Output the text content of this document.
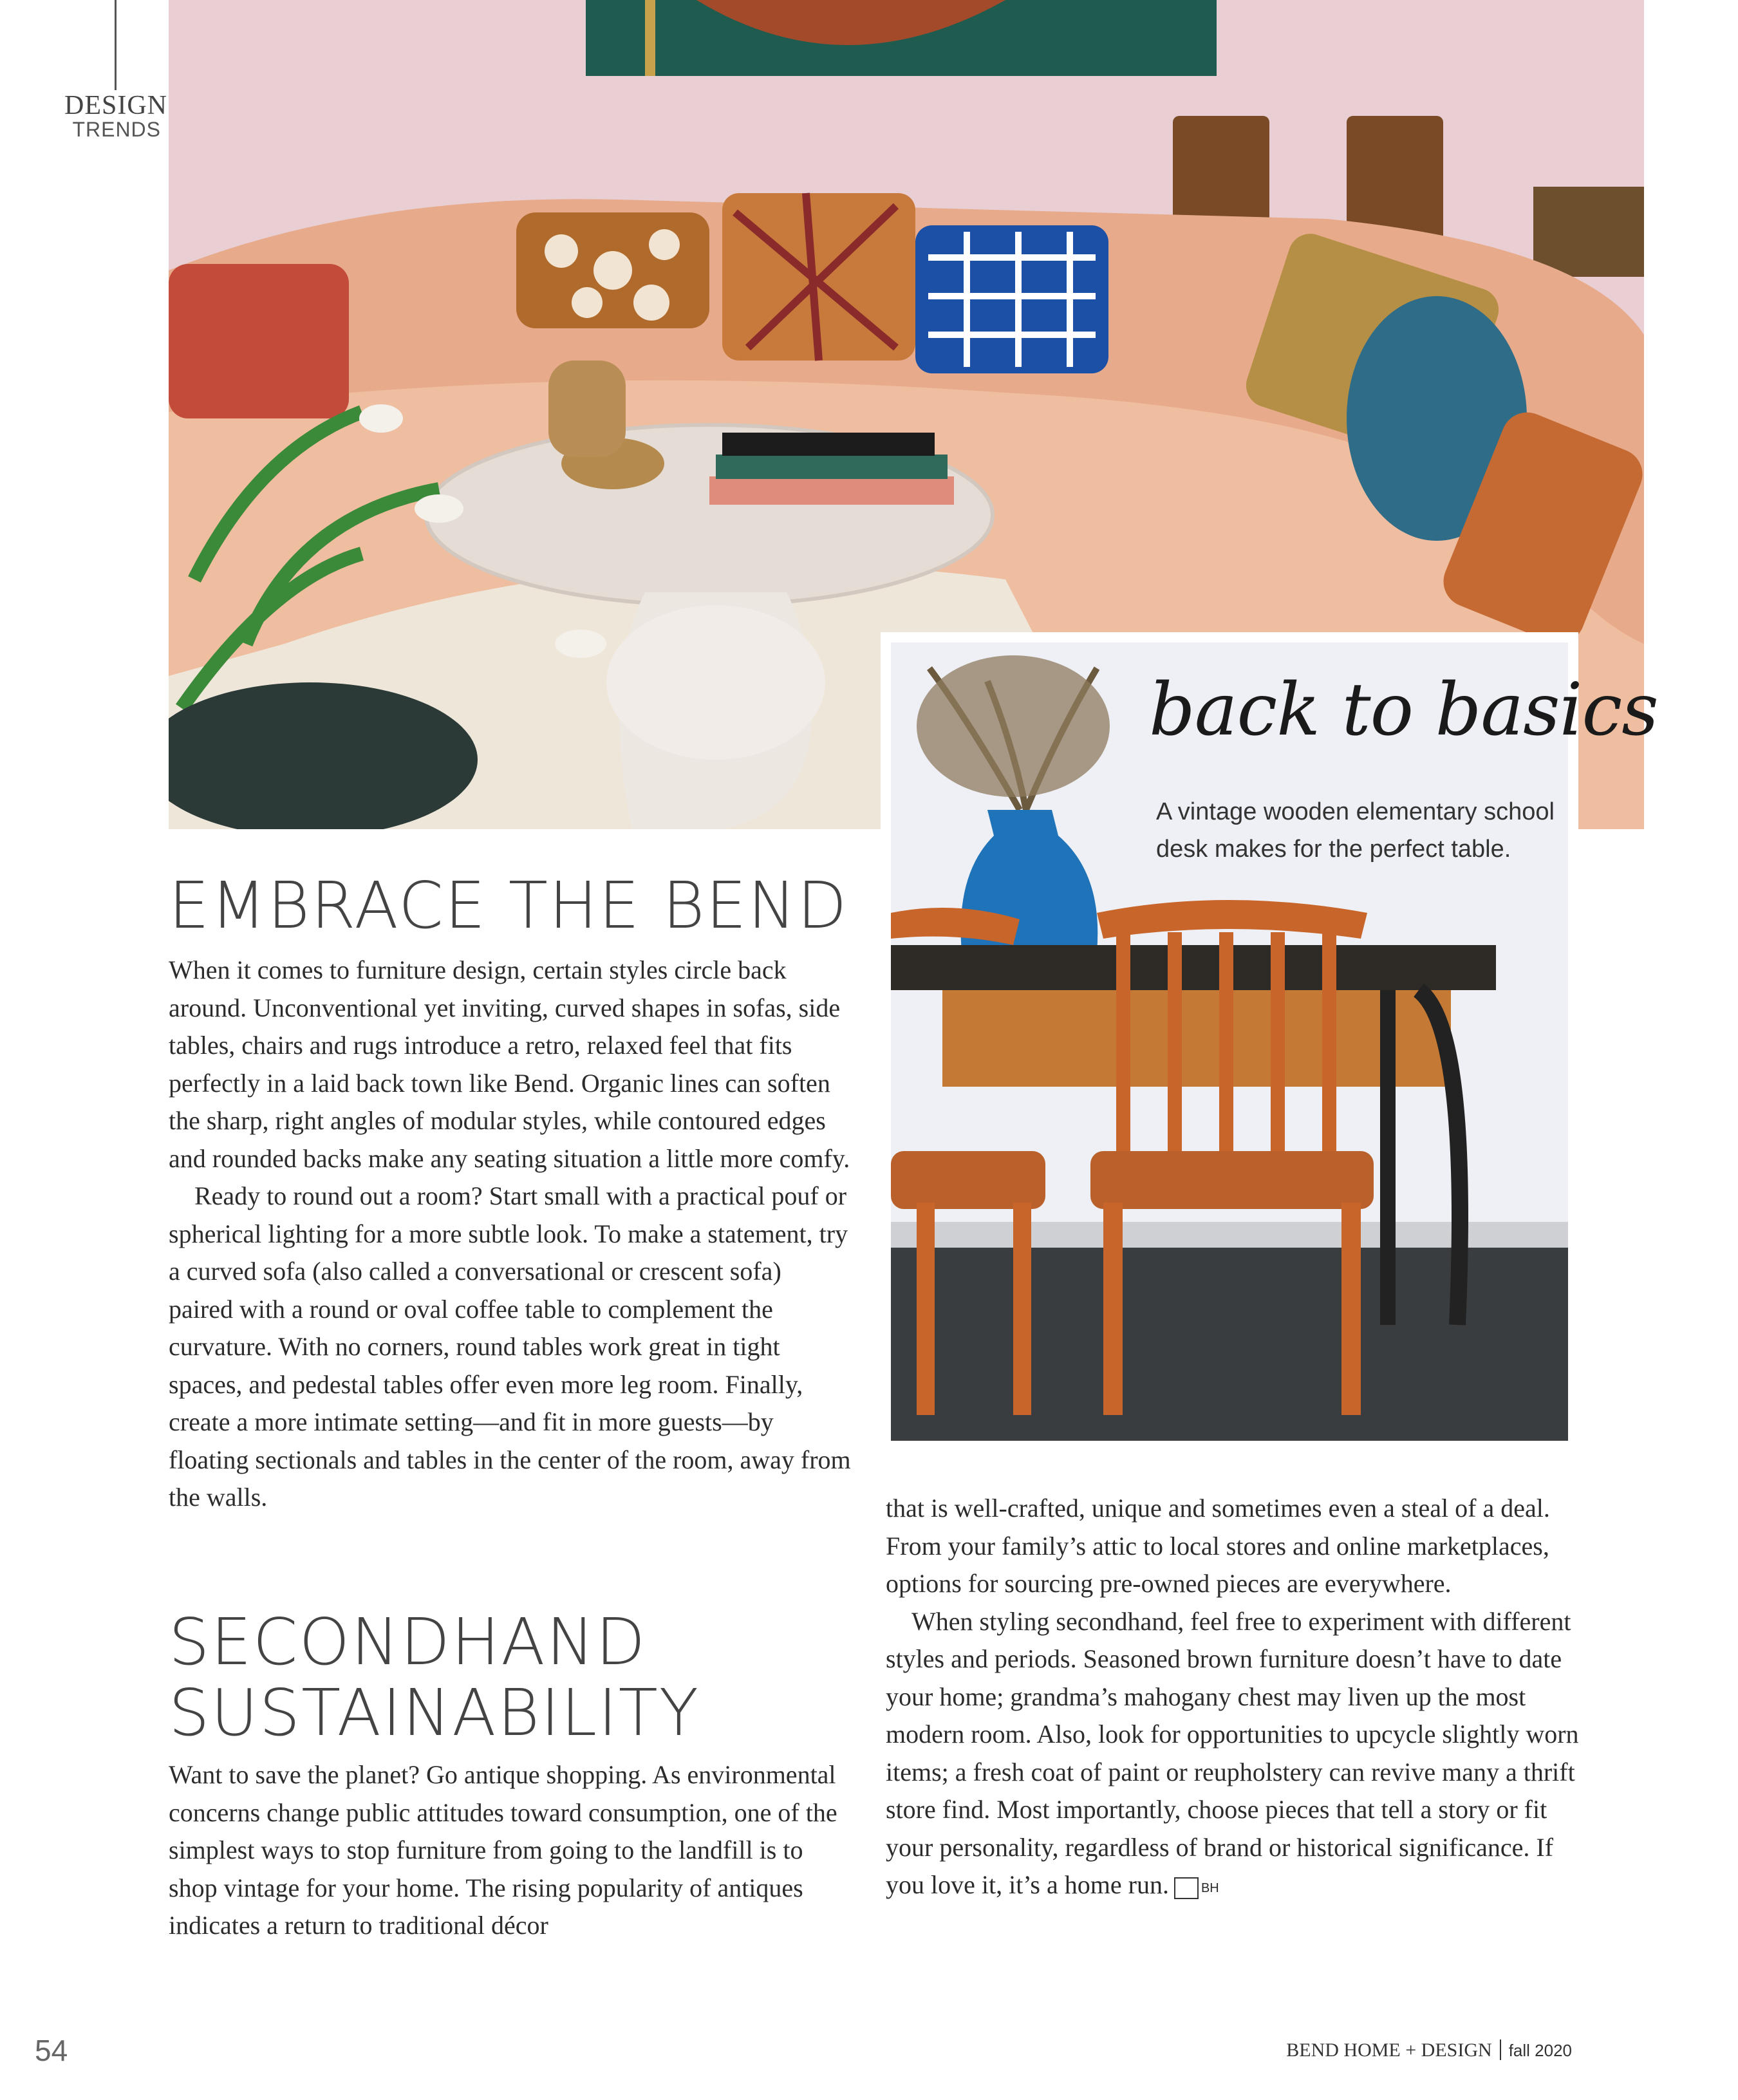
DESIGN
TRENDS
back to basics
A vintage wooden elementary school desk makes for the perfect table.
EMBRACE THE BEND

When it comes to furniture design, certain styles circle back around. Unconventional yet inviting, curved shapes in sofas, side tables, chairs and rugs introduce a retro, relaxed feel that fits perfectly in a laid back town like Bend. Organic lines can soften the sharp, right angles of modular styles, while contoured edges and rounded backs make any seating situation a little more comfy.

Ready to round out a room? Start small with a practical pouf or spherical lighting for a more subtle look. To make a statement, try a curved sofa (also called a conversational or crescent sofa) paired with a round or oval coffee table to complement the curvature. With no corners, round tables work great in tight spaces, and pedestal tables offer even more leg room. Finally, create a more intimate setting—and fit in more guests—by floating sectionals and tables in the center of the room, away from the walls.

SECONDHAND
SUSTAINABILITY

Want to save the planet? Go antique shopping. As environmental concerns change public attitudes toward consumption, one of the simplest ways to stop furniture from going to the landfill is to shop vintage for your home. The rising popularity of antiques indicates a return to traditional décor

that is well-crafted, unique and sometimes even a steal of a deal. From your family’s attic to local stores and online marketplaces, options for sourcing pre-owned pieces are everywhere.

When styling secondhand, feel free to experiment with different styles and periods. Seasoned brown furniture doesn’t have to date your home; grandma’s mahogany chest may liven up the most modern room. Also, look for opportunities to upcycle slightly worn items; a fresh coat of paint or reupholstery can revive many a thrift store find. Most importantly, choose pieces that tell a story or fit your personality, regardless of brand or historical significance. If you love it, it’s a home run.	BH

54	BEND HOME + DESIGN fall 2020
